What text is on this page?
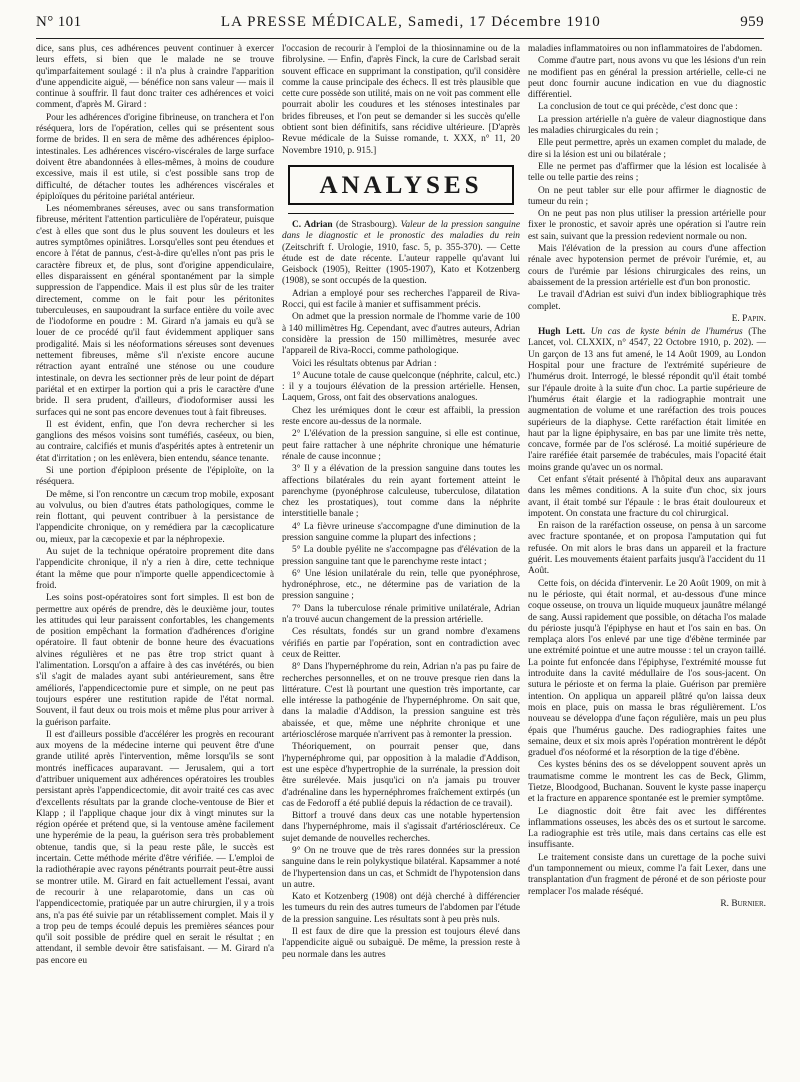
N° 101	LA PRESSE MÉDICALE, Samedi, 17 Décembre 1910	959

dice, sans plus, ces adhérences peuvent continuer à exercer leurs effets, si bien que le malade ne se trouve qu'imparfaitement soulagé : il n'a plus à craindre l'apparition d'une appendicite aiguë, — bénéfice non sans valeur — mais il continue à souffrir. Il faut donc traiter ces adhérences et voici comment, d'après M. Girard :

Pour les adhérences d'origine fibrineuse, on tranchera et l'on réséquera, lors de l'opération, celles qui se présentent sous forme de brides. Il en sera de même des adhérences épiploo-intestinales. Les adhérences viscéro-viscérales de large surface doivent être abandonnées à elles-mêmes, à moins de coudure excessive, mais il est utile, si c'est possible sans trop de difficulté, de détacher toutes les adhérences viscérales et épiploïques du péritoine pariétal antérieur.

Les néomembranes séreuses, avec ou sans transformation fibreuse, méritent l'attention particulière de l'opérateur, puisque c'est à elles que sont dus le plus souvent les douleurs et les autres symptômes opiniâtres. Lorsqu'elles sont peu étendues et encore à l'état de pannus, c'est-à-dire qu'elles n'ont pas pris le caractère fibreux et, de plus, sont d'origine appendiculaire, elles disparaissent en général spontanément par la simple suppression de l'appendice. Mais il est plus sûr de les traiter directement, comme on le fait pour les péritonites tuberculeuses, en saupoudrant la surface entière du voile avec de l'iodoforme en poudre : M. Girard n'a jamais eu qu'à se louer de ce procédé qu'il faut évidemment appliquer sans prodigalité. Mais si les néoformations séreuses sont devenues nettement fibreuses, même s'il n'existe encore aucune rétraction ayant entraîné une sténose ou une coudure intestinale, on devra les sectionner près de leur point de départ pariétal et en extirper la portion qui a pris le caractère d'une bride. Il sera prudent, d'ailleurs, d'iodoformiser aussi les surfaces qui ne sont pas encore devenues tout à fait fibreuses.

Il est évident, enfin, que l'on devra rechercher si les ganglions des mésos voisins sont tuméfiés, caséeux, ou bien, au contraire, calcifiés et munis d'aspérités aptes à entretenir un état d'irritation ; on les enlèvera, bien entendu, séance tenante.

Si une portion d'épiploon présente de l'épiploïte, on la réséquera.

De même, si l'on rencontre un cæcum trop mobile, exposant au volvulus, ou bien d'autres états pathologiques, comme le rein flottant, qui peuvent contribuer à la persistance de l'appendicite chronique, on y remédiera par la cæcoplicature ou, mieux, par la cæcopexie et par la néphropexie.

Au sujet de la technique opératoire proprement dite dans l'appendicite chronique, il n'y a rien à dire, cette technique étant la même que pour n'importe quelle appendicectomie à froid.

Les soins post-opératoires sont fort simples. Il est bon de permettre aux opérés de prendre, dès le deuxième jour, toutes les attitudes qui leur paraissent confortables, les changements de position empêchant la formation d'adhérences d'origine opératoire. Il faut obtenir de bonne heure des évacuations alvines régulières et ne pas être trop strict quant à l'alimentation. Lorsqu'on a affaire à des cas invétérés, ou bien s'il s'agit de malades ayant subi antérieurement, sans être améliorés, l'appendicectomie pure et simple, on ne peut pas toujours espérer une restitution rapide de l'état normal. Souvent, il faut deux ou trois mois et même plus pour arriver à la guérison parfaite.

Il est d'ailleurs possible d'accélérer les progrès en recourant aux moyens de la médecine interne qui peuvent être d'une grande utilité après l'intervention, même lorsqu'ils se sont montrés inefficaces auparavant. — Jerusalem, qui a tort d'attribuer uniquement aux adhérences opératoires les troubles persistant après l'appendicectomie, dit avoir traité ces cas avec d'excellents résultats par la grande cloche-ventouse de Bier et Klapp ; il l'applique chaque jour dix à vingt minutes sur la région opérée et prétend que, si la ventouse amène facilement une hyperémie de la peau, la guérison sera très probablement obtenue, tandis que, si la peau reste pâle, le succès est incertain. Cette méthode mérite d'être vérifiée. — L'emploi de la radiothérapie avec rayons pénétrants pourrait peut-être aussi se montrer utile. M. Girard en fait actuellement l'essai, avant de recourir à une relaparotomie, dans un cas où l'appendicectomie, pratiquée par un autre chirurgien, il y a trois ans, n'a pas été suivie par un rétablissement complet. Mais il y a trop peu de temps écoulé depuis les premières séances pour qu'il soit possible de prédire quel en serait le résultat ; en attendant, il semble devoir être satisfaisant. — M. Girard n'a pas encore eu

l'occasion de recourir à l'emploi de la thiosinnamine ou de la fibrolysine. — Enfin, d'après Finck, la cure de Carlsbad serait souvent efficace en supprimant la constipation, qu'il considère comme la cause principale des échecs. Il est très plausible que cette cure possède son utilité, mais on ne voit pas comment elle pourrait abolir les coudures et les sténoses intestinales par brides fibreuses, et l'on peut se demander si les succès qu'elle obtient sont bien définitifs, sans récidive ultérieure. [D'après Revue médicale de la Suisse romande, t. XXX, n° 11, 20 Novembre 1910, p. 915.]

ANALYSES

C. Adrian (de Strasbourg). Valeur de la pression sanguine dans le diagnostic et le pronostic des maladies du rein (Zeitschrift f. Urologie, 1910, fasc. 5, p. 355-370). — Cette étude est de date récente. L'auteur rappelle qu'avant lui Geisbock (1905), Reitter (1905-1907), Kato et Kotzenberg (1908), se sont occupés de la question.

Adrian a employé pour ses recherches l'appareil de Riva-Rocci, qui est facile à manier et suffisamment précis.

On admet que la pression normale de l'homme varie de 100 à 140 millimètres Hg. Cependant, avec d'autres auteurs, Adrian considère la pression de 150 millimètres, mesurée avec l'appareil de Riva-Rocci, comme pathologique.

Voici les résultats obtenus par Adrian :

1° Aucune totale de cause quelconque (néphrite, calcul, etc.) : il y a toujours élévation de la pression artérielle. Hensen, Laquem, Gross, ont fait des observations analogues.

Chez les urémiques dont le cœur est affaibli, la pression reste encore au-dessus de la normale.

2° L'élévation de la pression sanguine, si elle est continue, peut faire rattacher à une néphrite chronique une hématurie rénale de cause inconnue ;

3° Il y a élévation de la pression sanguine dans toutes les affections bilatérales du rein ayant fortement atteint le parenchyme (pyonéphrose calculeuse, tuberculose, dilatation chez les prostatiques), tout comme dans la néphrite interstitielle banale ;

4° La fièvre urineuse s'accompagne d'une diminution de la pression sanguine comme la plupart des infections ;

5° La double pyélite ne s'accompagne pas d'élévation de la pression sanguine tant que le parenchyme reste intact ;

6° Une lésion unilatérale du rein, telle que pyonéphrose, hydronéphrose, etc., ne détermine pas de variation de la pression sanguine ;

7° Dans la tuberculose rénale primitive unilatérale, Adrian n'a trouvé aucun changement de la pression artérielle.

Ces résultats, fondés sur un grand nombre d'examens vérifiés en partie par l'opération, sont en contradiction avec ceux de Reitter.

8° Dans l'hypernéphrome du rein, Adrian n'a pas pu faire de recherches personnelles, et on ne trouve presque rien dans la littérature. C'est là pourtant une question très importante, car elle intéresse la pathogénie de l'hypernéphrome. On sait que, dans la maladie d'Addison, la pression sanguine est très abaissée, et que, même une néphrite chronique et une artériosclérose marquée n'arrivent pas à remonter la pression.

Théoriquement, on pourrait penser que, dans l'hypernéphrome qui, par opposition à la maladie d'Addison, est une espèce d'hypertrophie de la surrénale, la pression doit être surélevée. Mais jusqu'ici on n'a jamais pu trouver d'adrénaline dans les hypernéphromes fraîchement extirpés (un cas de Fedoroff a été publié depuis la rédaction de ce travail).

Bittorf a trouvé dans deux cas une notable hypertension dans l'hypernéphrome, mais il s'agissait d'artérioscléreux. Ce sujet demande de nouvelles recherches.

9° On ne trouve que de très rares données sur la pression sanguine dans le rein polykystique bilatéral. Kapsammer a noté de l'hypertension dans un cas, et Schmidt de l'hypotension dans un autre.

Kato et Kotzenberg (1908) ont déjà cherché à différencier les tumeurs du rein des autres tumeurs de l'abdomen par l'étude de la pression sanguine. Les résultats sont à peu près nuls.

Il est faux de dire que la pression est toujours élevé dans l'appendicite aiguë ou subaiguë. De même, la pression reste à peu normale dans les autres

maladies inflammatoires ou non inflammatoires de l'abdomen.

Comme d'autre part, nous avons vu que les lésions d'un rein ne modifient pas en général la pression artérielle, celle-ci ne peut donc fournir aucune indication en vue du diagnostic différentiel.

La conclusion de tout ce qui précède, c'est donc que :

La pression artérielle n'a guère de valeur diagnostique dans les maladies chirurgicales du rein ;

Elle peut permettre, après un examen complet du malade, de dire si la lésion est uni ou bilatérale ;

Elle ne permet pas d'affirmer que la lésion est localisée à telle ou telle partie des reins ;

On ne peut tabler sur elle pour affirmer le diagnostic de tumeur du rein ;

On ne peut pas non plus utiliser la pression artérielle pour fixer le pronostic, et savoir après une opération si l'autre rein est sain, suivant que la pression redevient normale ou non.

Mais l'élévation de la pression au cours d'une affection rénale avec hypotension permet de prévoir l'urémie, et, au cours de l'urémie par lésions chirurgicales des reins, un abaissement de la pression artérielle est d'un bon pronostic.

Le travail d'Adrian est suivi d'un index bibliographique très complet.

E. Papin.

Hugh Lett. Un cas de kyste bénin de l'humérus (The Lancet, vol. CLXXIX, n° 4547, 22 Octobre 1910, p. 202). — Un garçon de 13 ans fut amené, le 14 Août 1909, au London Hospital pour une fracture de l'extrémité supérieure de l'humérus droit. Interrogé, le blessé répondit qu'il était tombé sur l'épaule droite à la suite d'un choc. La partie supérieure de l'humérus était élargie et la radiographie montrait une augmentation de volume et une raréfaction des trois pouces supérieurs de la diaphyse. Cette raréfaction était limitée en haut par la ligne épiphysaire, en bas par une limite très nette, concave, formée par de l'os sclérosé. La moitié supérieure de l'aire raréfiée était parsemée de trabécules, mais l'opacité était moins grande qu'avec un os normal.

Cet enfant s'était présenté à l'hôpital deux ans auparavant dans les mêmes conditions. A la suite d'un choc, six jours avant, il était tombé sur l'épaule : le bras était douloureux et impotent. On constata une fracture du col chirurgical.

En raison de la raréfaction osseuse, on pensa à un sarcome avec fracture spontanée, et on proposa l'amputation qui fut refusée. On mit alors le bras dans un appareil et la fracture guérit. Les mouvements étaient parfaits jusqu'à l'accident du 11 Août.

Cette fois, on décida d'intervenir. Le 20 Août 1909, on mit à nu le périoste, qui était normal, et au-dessous d'une mince coque osseuse, on trouva un liquide muqueux jaunâtre mélangé de sang. Aussi rapidement que possible, on détacha l'os malade du périoste jusqu'à l'épiphyse en haut et l'os sain en bas. On remplaça alors l'os enlevé par une tige d'ébène terminée par une extrémité pointue et une autre mousse : tel un crayon taillé. La pointe fut enfoncée dans l'épiphyse, l'extrémité mousse fut introduite dans la cavité médullaire de l'os sous-jacent. On sutura le périoste et on ferma la plaie. Guérison par première intention. On appliqua un appareil plâtré qu'on laissa deux mois en place, puis on massa le bras régulièrement. L'os nouveau se développa d'une façon régulière, mais un peu plus épais que l'humérus gauche. Des radiographies faites une semaine, deux et six mois après l'opération montrèrent le dépôt graduel d'os néoformé et la résorption de la tige d'ébène.

Ces kystes bénins des os se développent souvent après un traumatisme comme le montrent les cas de Beck, Glimm, Tietze, Bloodgood, Buchanan. Souvent le kyste passe inaperçu et la fracture en apparence spontanée est le premier symptôme.

Le diagnostic doit être fait avec les différentes inflammations osseuses, les abcès des os et surtout le sarcome. La radiographie est très utile, mais dans certains cas elle est insuffisante.

Le traitement consiste dans un curettage de la poche suivi d'un tamponnement ou mieux, comme l'a fait Lexer, dans une transplantation d'un fragment de péroné et de son périoste pour remplacer l'os malade réséqué.

R. Burnier.
